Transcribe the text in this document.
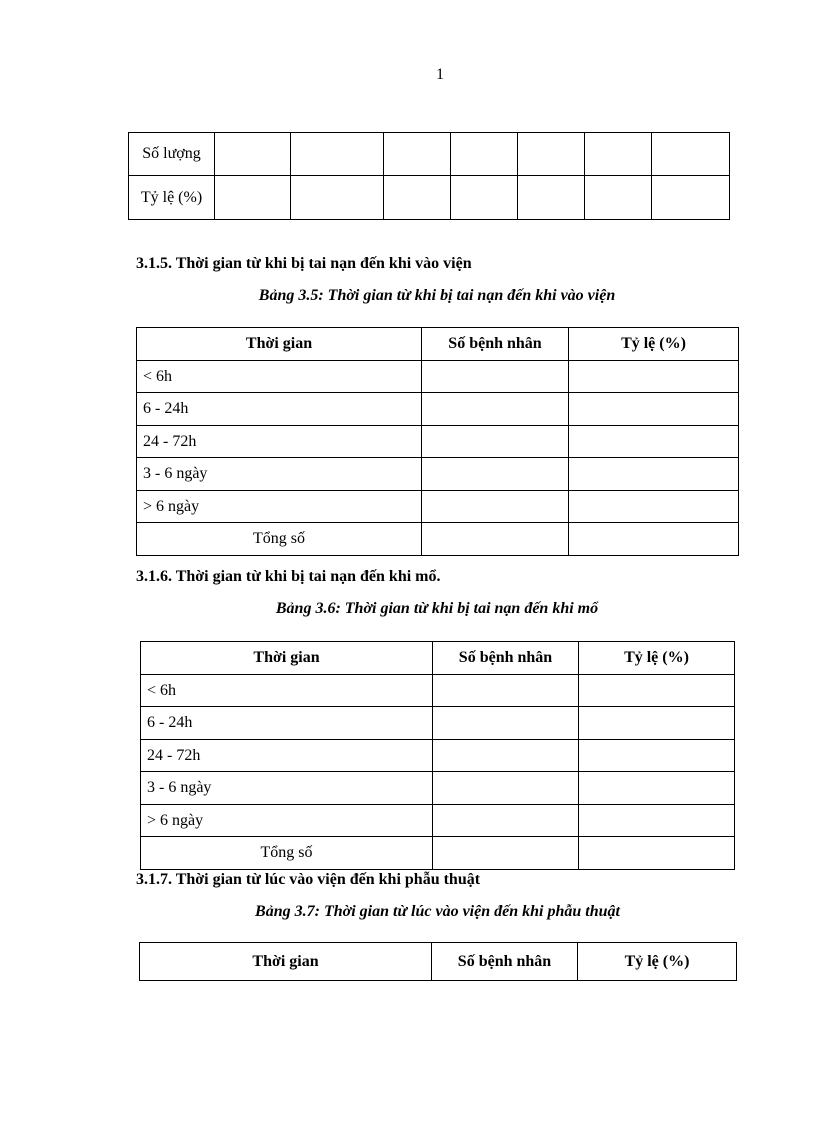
1
Số lượng							
Tỷ lệ (%)							
3.1.5. Thời gian từ khi bị tai nạn đến khi vào viện
Bảng 3.5: Thời gian từ khi bị tai nạn đến khi vào viện
Thời gian	Số bệnh nhân	Tỷ lệ (%)
< 6h		
6 - 24h		
24 - 72h		
3 - 6 ngày		
> 6 ngày		
Tổng số		
3.1.6. Thời gian từ khi bị tai nạn đến khi mổ.
Bảng 3.6: Thời gian từ khi bị tai nạn đến khi mổ
Thời gian	Số bệnh nhân	Tỷ lệ (%)
< 6h		
6 - 24h		
24 - 72h		
3 - 6 ngày		
> 6 ngày		
Tổng số		
3.1.7. Thời gian từ lúc vào viện đến khi phẫu thuật
Bảng 3.7: Thời gian từ lúc vào viện đến khi phẫu thuật
Thời gian	Số bệnh nhân	Tỷ lệ (%)
